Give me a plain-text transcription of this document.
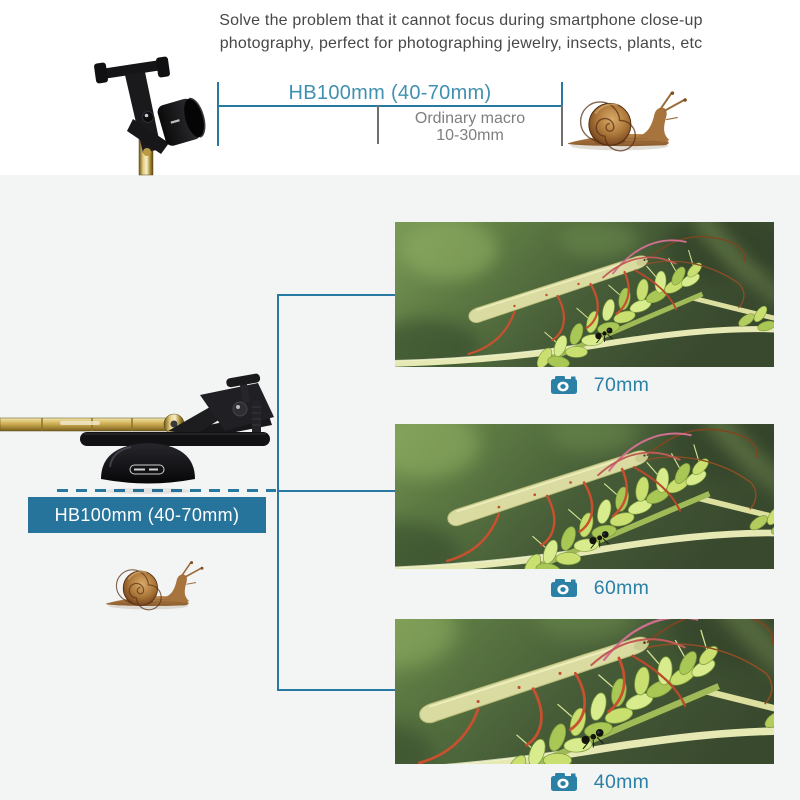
Solve the problem that it cannot focus during smartphone close-up
photography, perfect for photographing jewelry, insects, plants, etc
HB100mm (40-70mm)
Ordinary macro
10-30mm
HB100mm (40-70mm)
70mm
60mm
40mm
